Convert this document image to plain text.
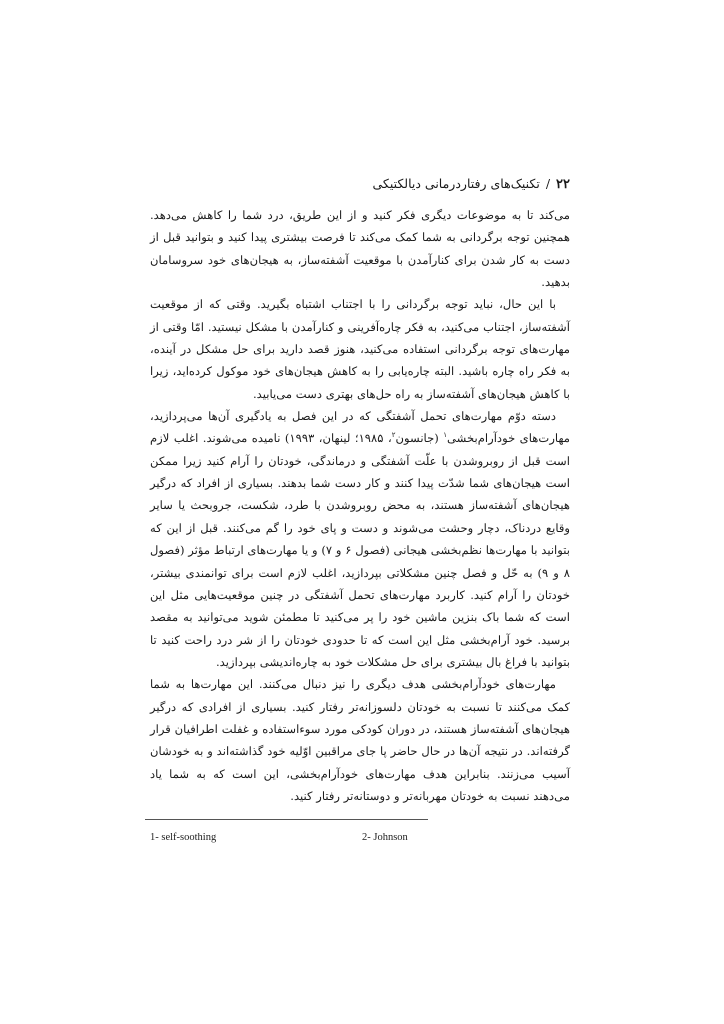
۲۲/تکنیک‌های رفتاردرمانی دیالکتیکی

می‌کند تا به موضوعات دیگری فکر کنید و از این طریق، درد شما را کاهش می‌دهد. همچنین توجه برگردانی به شما کمک می‌کند تا فرصت بیشتری پیدا کنید و بتوانید قبل از دست به کار شدن برای کنارآمدن با موقعیت آشفته‌ساز، به هیجان‌های خود سروسامان بدهید.

با این حال، نباید توجه برگردانی را با اجتناب اشتباه بگیرید. وقتی که از موقعیت آشفته‌ساز، اجتناب می‌کنید، به فکر چاره‌آفرینی و کنارآمدن با مشکل نیستید. امّا وقتی از مهارت‌های توجه برگردانی استفاده می‌کنید، هنوز قصد دارید برای حل مشکل در آینده، به فکر راه چاره باشید. البته چاره‌یابی را به کاهش هیجان‌های خود موکول کرده‌اید، زیرا با کاهش هیجان‌های آشفته‌ساز به راه حل‌های بهتری دست می‌یابید.

دسته دوّم مهارت‌های تحمل آشفتگی که در این فصل به یادگیری آن‌ها می‌پردازید، مهارت‌های خودآرام‌بخشی$^۱$ (جانسون$^۲$، ۱۹۸۵؛ لینهان، ۱۹۹۳) نامیده می‌شوند. اغلب لازم است قبل از روبروشدن با علّت آشفتگی و درماندگی، خودتان را آرام کنید زیرا ممکن است هیجان‌های شما شدّت پیدا کنند و کار دست شما بدهند. بسیاری از افراد که درگیر هیجان‌های آشفته‌ساز هستند، به محض روبروشدن با طرد، شکست، جروبحث یا سایر وقایع دردناک، دچار وحشت می‌شوند و دست و پای خود را گم می‌کنند. قبل از این که بتوانید با مهارت‌ها نظم‌بخشی هیجانی (فصول ۶ و ۷) و یا مهارت‌های ارتباط مؤثر (فصول ۸ و ۹) به حّل و فصل چنین مشکلاتی بپردازید، اغلب لازم است برای توانمندی بیشتر، خودتان را آرام کنید. کاربرد مهارت‌های تحمل آشفتگی در چنین موقعیت‌هایی مثل این است که شما باک بنزین ماشین خود را پر می‌کنید تا مطمئن شوید می‌توانید به مقصد برسید. خود آرام‌بخشی مثل این است که تا حدودی خودتان را از شر درد راحت کنید تا بتوانید با فراغ بال بیشتری برای حل مشکلات خود به چاره‌اندیشی بپردازید.

مهارت‌های خودآرام‌بخشی هدف دیگری را نیز دنبال می‌کنند. این مهارت‌ها به شما کمک می‌کنند تا نسبت به خودتان دلسوزانه‌تر رفتار کنید. بسیاری از افرادی که درگیر هیجان‌های آشفته‌ساز هستند، در دوران کودکی مورد سوءاستفاده و غفلت اطرافیان قرار گرفته‌اند. در نتیجه آن‌ها در حال حاضر پا جای مراقبین اوّلیه خود گذاشته‌اند و به خودشان آسیب می‌زنند. بنابراین هدف مهارت‌های خودآرام‌بخشی، این است که به شما یاد می‌دهند نسبت به خودتان مهربانه‌تر و دوستانه‌تر رفتار کنید.

1- self-soothing	2- Johnson
